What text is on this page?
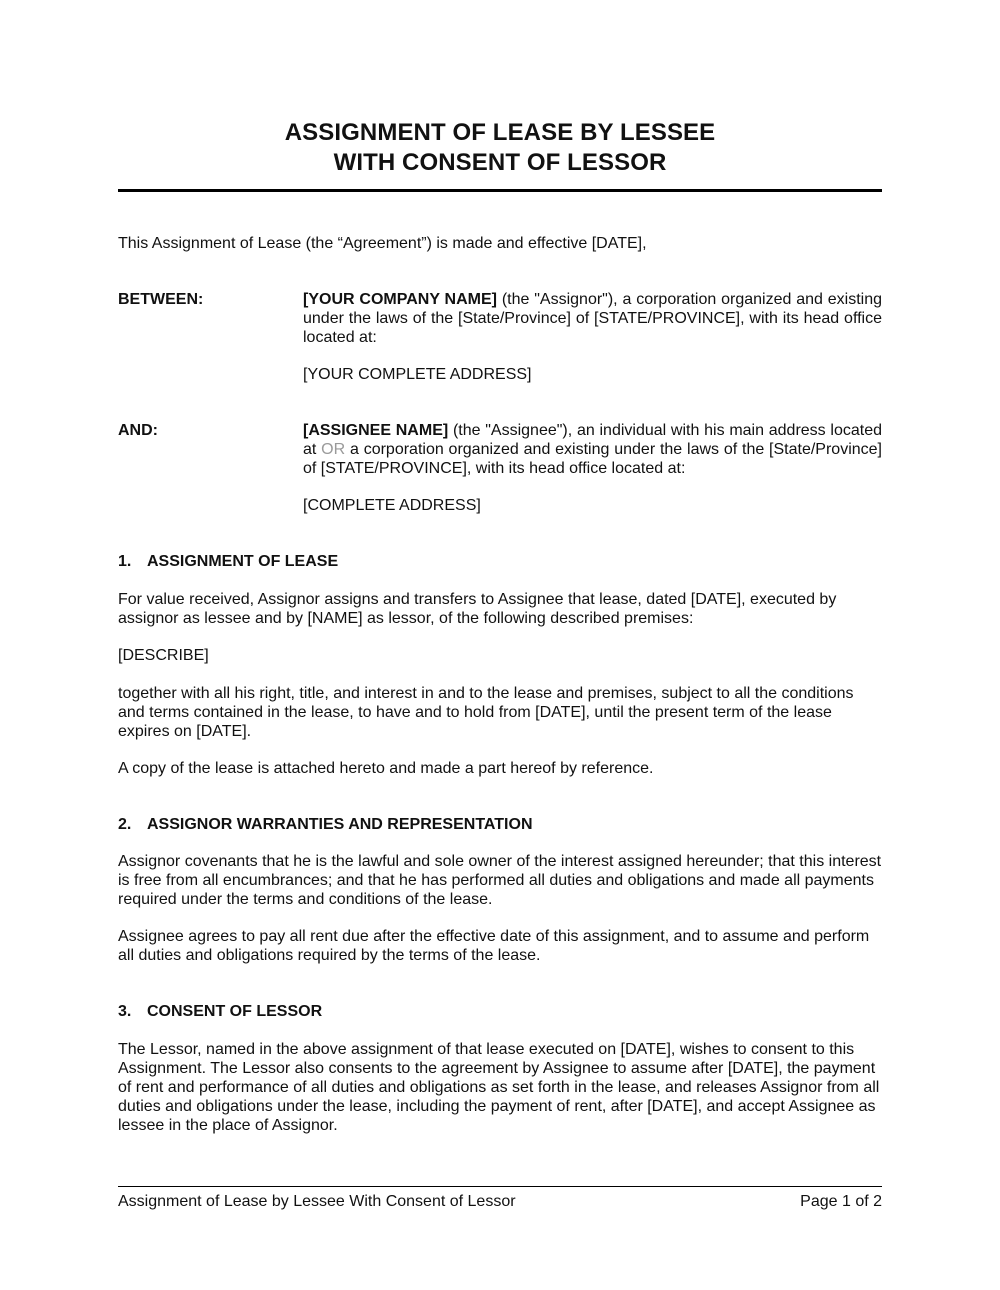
ASSIGNMENT OF LEASE BY LESSEE
WITH CONSENT OF LESSOR

This Assignment of Lease (the “Agreement”) is made and effective [DATE],

BETWEEN:	[YOUR COMPANY NAME] (the "Assignor"), a corporation organized and existing under the laws of the [State/Province] of [STATE/PROVINCE], with its head office located at:

[YOUR COMPLETE ADDRESS]
AND:	[ASSIGNEE NAME] (the "Assignee"), an individual with his main address located at OR a corporation organized and existing under the laws of the [State/Province] of [STATE/PROVINCE], with its head office located at:

[COMPLETE ADDRESS]
1. ASSIGNMENT OF LEASE

For value received, Assignor assigns and transfers to Assignee that lease, dated [DATE], executed by assignor as lessee and by [NAME] as lessor, of the following described premises:

[DESCRIBE]

together with all his right, title, and interest in and to the lease and premises, subject to all the conditions and terms contained in the lease, to have and to hold from [DATE], until the present term of the lease expires on [DATE].

A copy of the lease is attached hereto and made a part hereof by reference.

2. ASSIGNOR WARRANTIES AND REPRESENTATION

Assignor covenants that he is the lawful and sole owner of the interest assigned hereunder; that this interest is free from all encumbrances; and that he has performed all duties and obligations and made all payments required under the terms and conditions of the lease.

Assignee agrees to pay all rent due after the effective date of this assignment, and to assume and perform all duties and obligations required by the terms of the lease.

3. CONSENT OF LESSOR

The Lessor, named in the above assignment of that lease executed on [DATE], wishes to consent to this Assignment. The Lessor also consents to the agreement by Assignee to assume after [DATE], the payment of rent and performance of all duties and obligations as set forth in the lease, and releases Assignor from all duties and obligations under the lease, including the payment of rent, after [DATE], and accept Assignee as lessee in the place of Assignor.

Assignment of Lease by Lessee With Consent of Lessor	Page 1 of 2
